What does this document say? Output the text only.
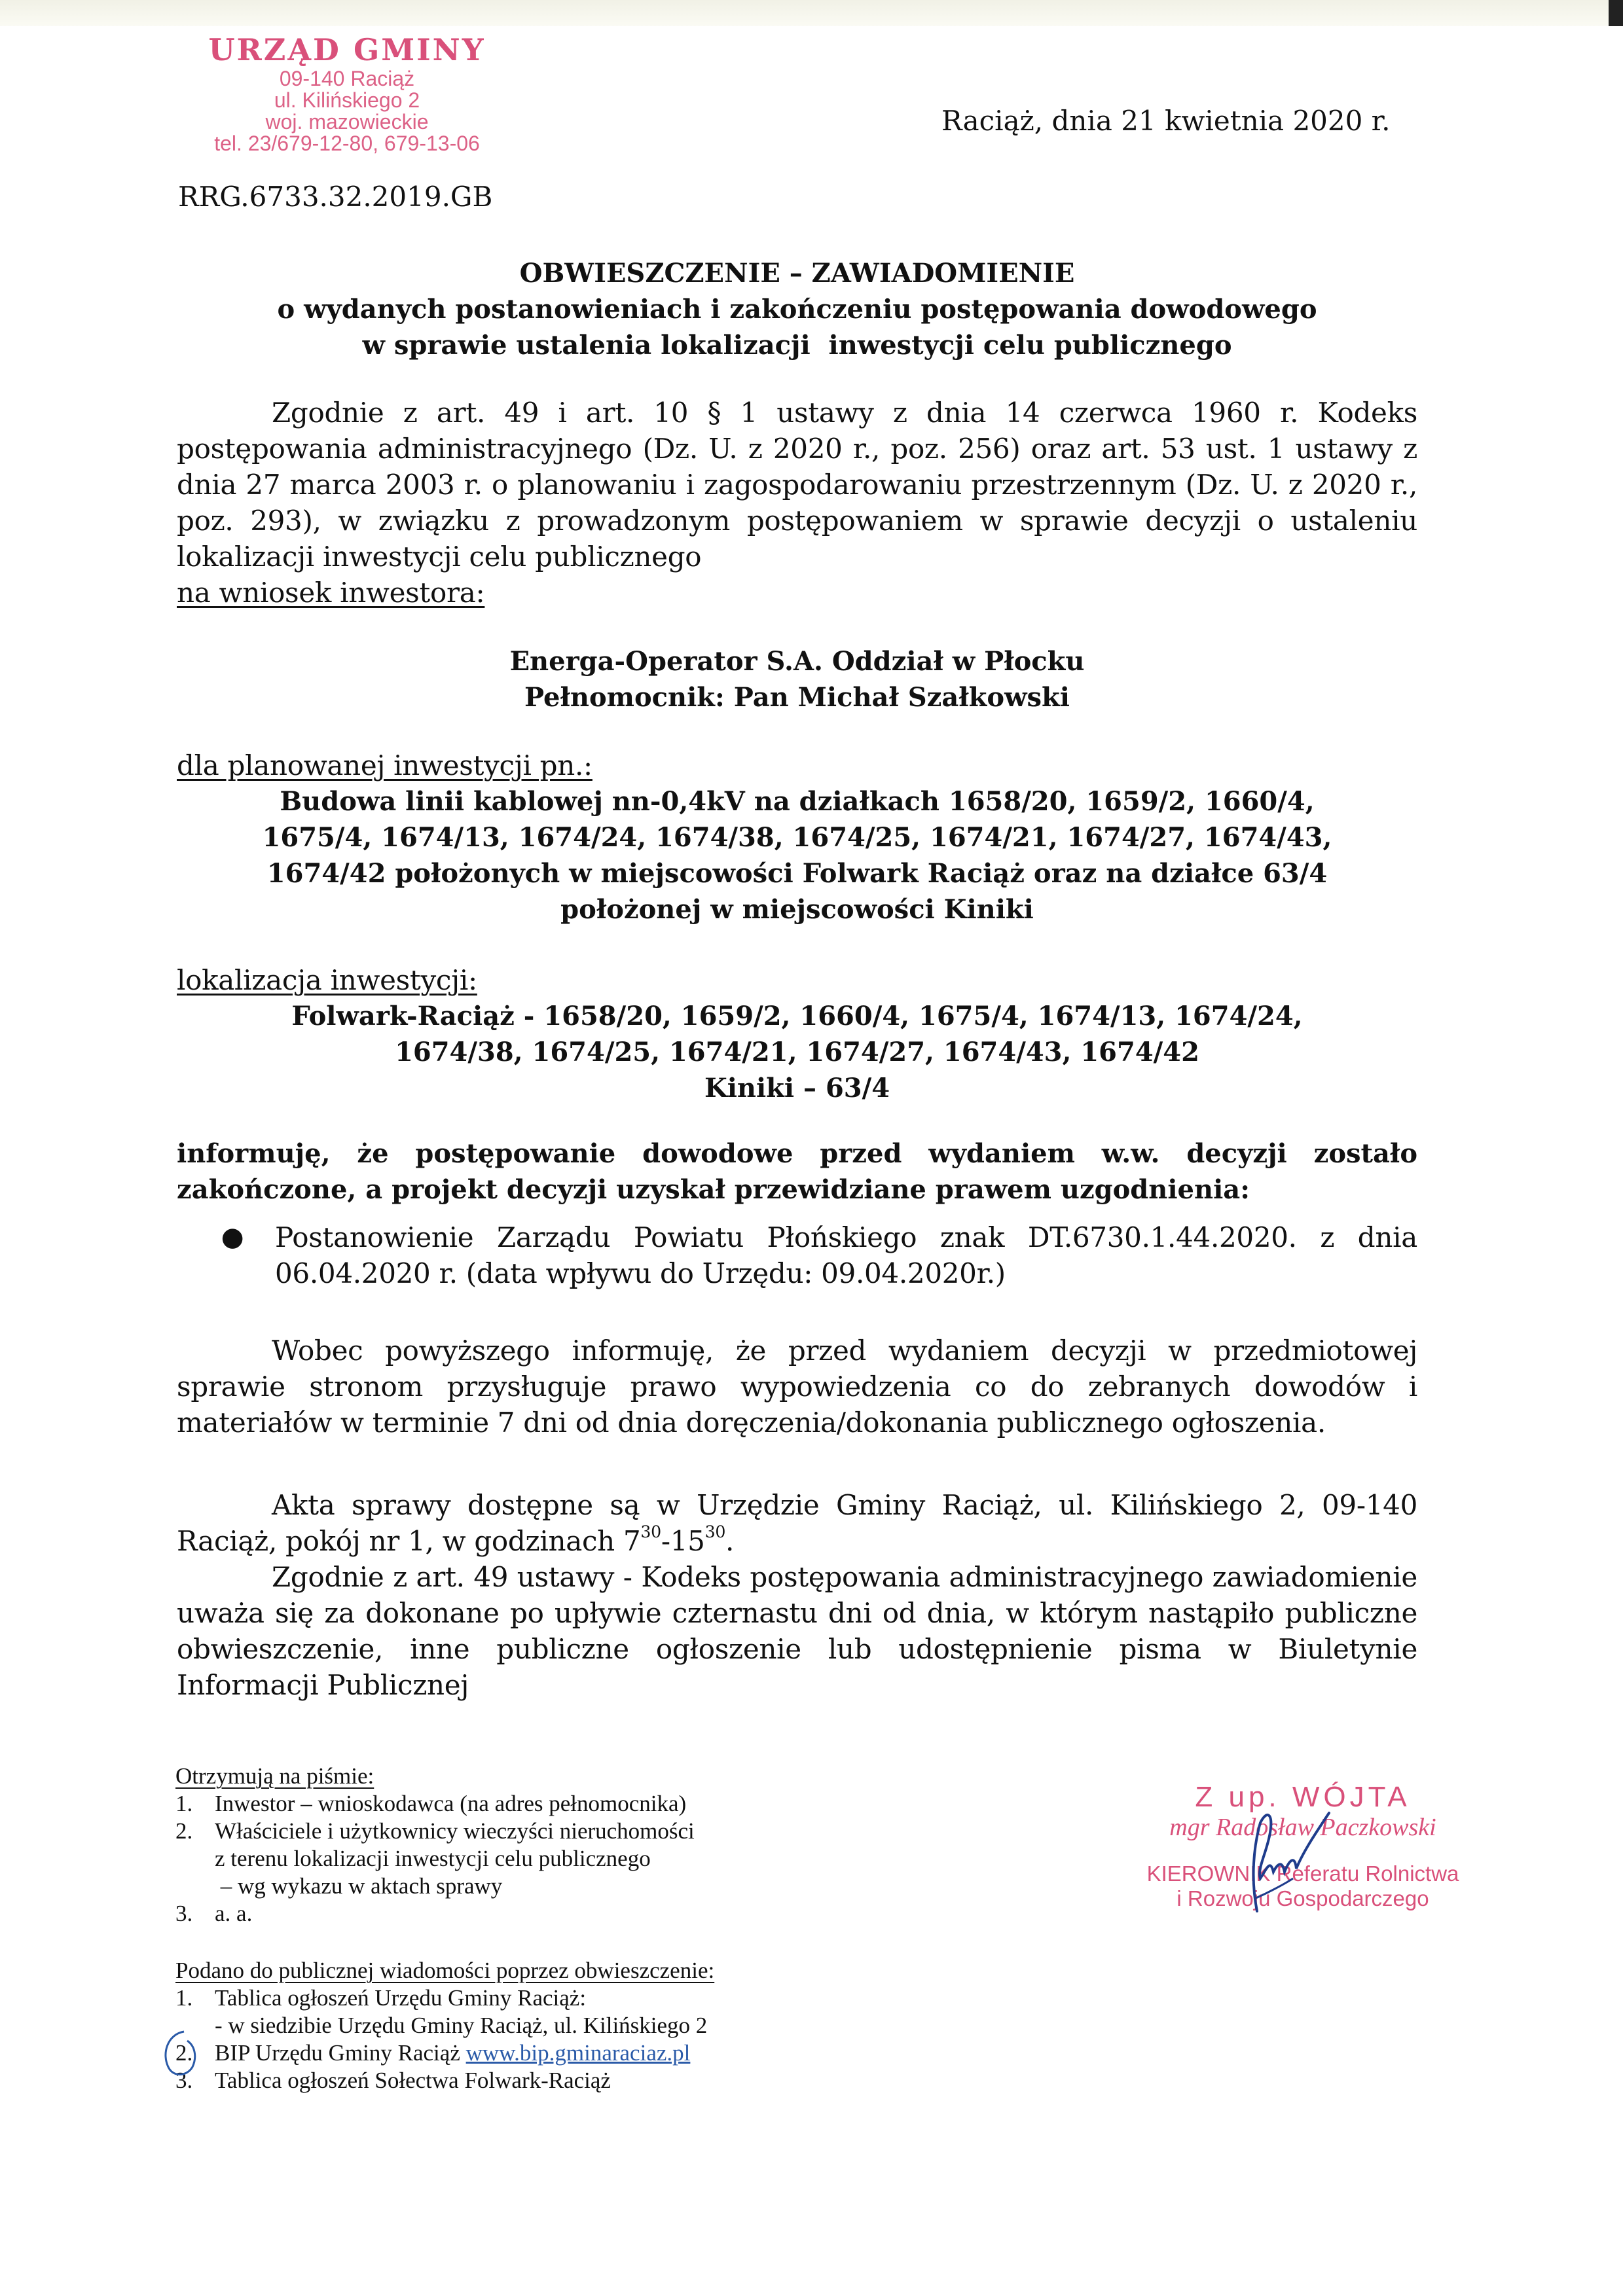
URZĄD GMINY
09-140 Raciąż
ul. Kilińskiego 2
woj. mazowieckie
tel. 23/679-12-80, 679-13-06
RRG.6733.32.2019.GB
Raciąż, dnia 21 kwietnia 2020 r.
OBWIESZCZENIE – ZAWIADOMIENIE
o wydanych postanowieniach i zakończeniu postępowania dowodowego
w sprawie ustalenia lokalizacji  inwestycji celu publicznego
Zgodnie z art. 49 i art. 10 § 1 ustawy z dnia 14 czerwca 1960 r. Kodeks postępowania administracyjnego (Dz. U. z 2020 r., poz. 256) oraz art. 53 ust. 1 ustawy z dnia 27 marca 2003 r. o planowaniu i zagospodarowaniu przestrzennym (Dz. U. z 2020 r., poz. 293), w związku z prowadzonym postępowaniem w sprawie decyzji o ustaleniu lokalizacji inwestycji celu publicznego
na wniosek inwestora:
Energa-Operator S.A. Oddział w Płocku
Pełnomocnik: Pan Michał Szałkowski
dla planowanej inwestycji pn.:
Budowa linii kablowej nn-0,4kV na działkach 1658/20, 1659/2, 1660/4,
1675/4, 1674/13, 1674/24, 1674/38, 1674/25, 1674/21, 1674/27, 1674/43,
1674/42 położonych w miejscowości Folwark Raciąż oraz na działce 63/4
położonej w miejscowości Kiniki
lokalizacja inwestycji:
Folwark-Raciąż - 1658/20, 1659/2, 1660/4, 1675/4, 1674/13, 1674/24,
1674/38, 1674/25, 1674/21, 1674/27, 1674/43, 1674/42
Kiniki – 63/4
informuję, że postępowanie dowodowe przed wydaniem w.w. decyzji zostało zakończone, a projekt decyzji uzyskał przewidziane prawem uzgodnienia:
●	Postanowienie Zarządu Powiatu Płońskiego znak DT.6730.1.44.2020. z dnia 06.04.2020 r. (data wpływu do Urzędu: 09.04.2020r.)
Wobec powyższego informuję, że przed wydaniem decyzji w przedmiotowej sprawie stronom przysługuje prawo wypowiedzenia co do zebranych dowodów i materiałów w terminie 7 dni od dnia doręczenia/dokonania publicznego ogłoszenia.
Akta sprawy dostępne są w Urzędzie Gminy Raciąż, ul. Kilińskiego 2, 09-140 Raciąż, pokój nr 1, w godzinach $7^{30}-15^{30}$.
Zgodnie z art. 49 ustawy - Kodeks postępowania administracyjnego zawiadomienie uważa się za dokonane po upływie czternastu dni od dnia, w którym nastąpiło publiczne obwieszczenie, inne publiczne ogłoszenie lub udostępnienie pisma w Biuletynie Informacji Publicznej
Otrzymują na piśmie:
1. Inwestor – wnioskodawca (na adres pełnomocnika)
2. Właściciele i użytkownicy wieczyści nieruchomości
z terenu lokalizacji inwestycji celu publicznego
– wg wykazu w aktach sprawy
3. a. a.
Z up. WÓJTA
mgr Radosław Paczkowski
KIEROWNIK Referatu Rolnictwa
i Rozwoju Gospodarczego
Podano do publicznej wiadomości poprzez obwieszczenie:
1. Tablica ogłoszeń Urzędu Gminy Raciąż:
- w siedzibie Urzędu Gminy Raciąż, ul. Kilińskiego 2
2. BIP Urzędu Gminy Raciąż www.bip.gminaraciaz.pl
3. Tablica ogłoszeń Sołectwa Folwark-Raciąż
